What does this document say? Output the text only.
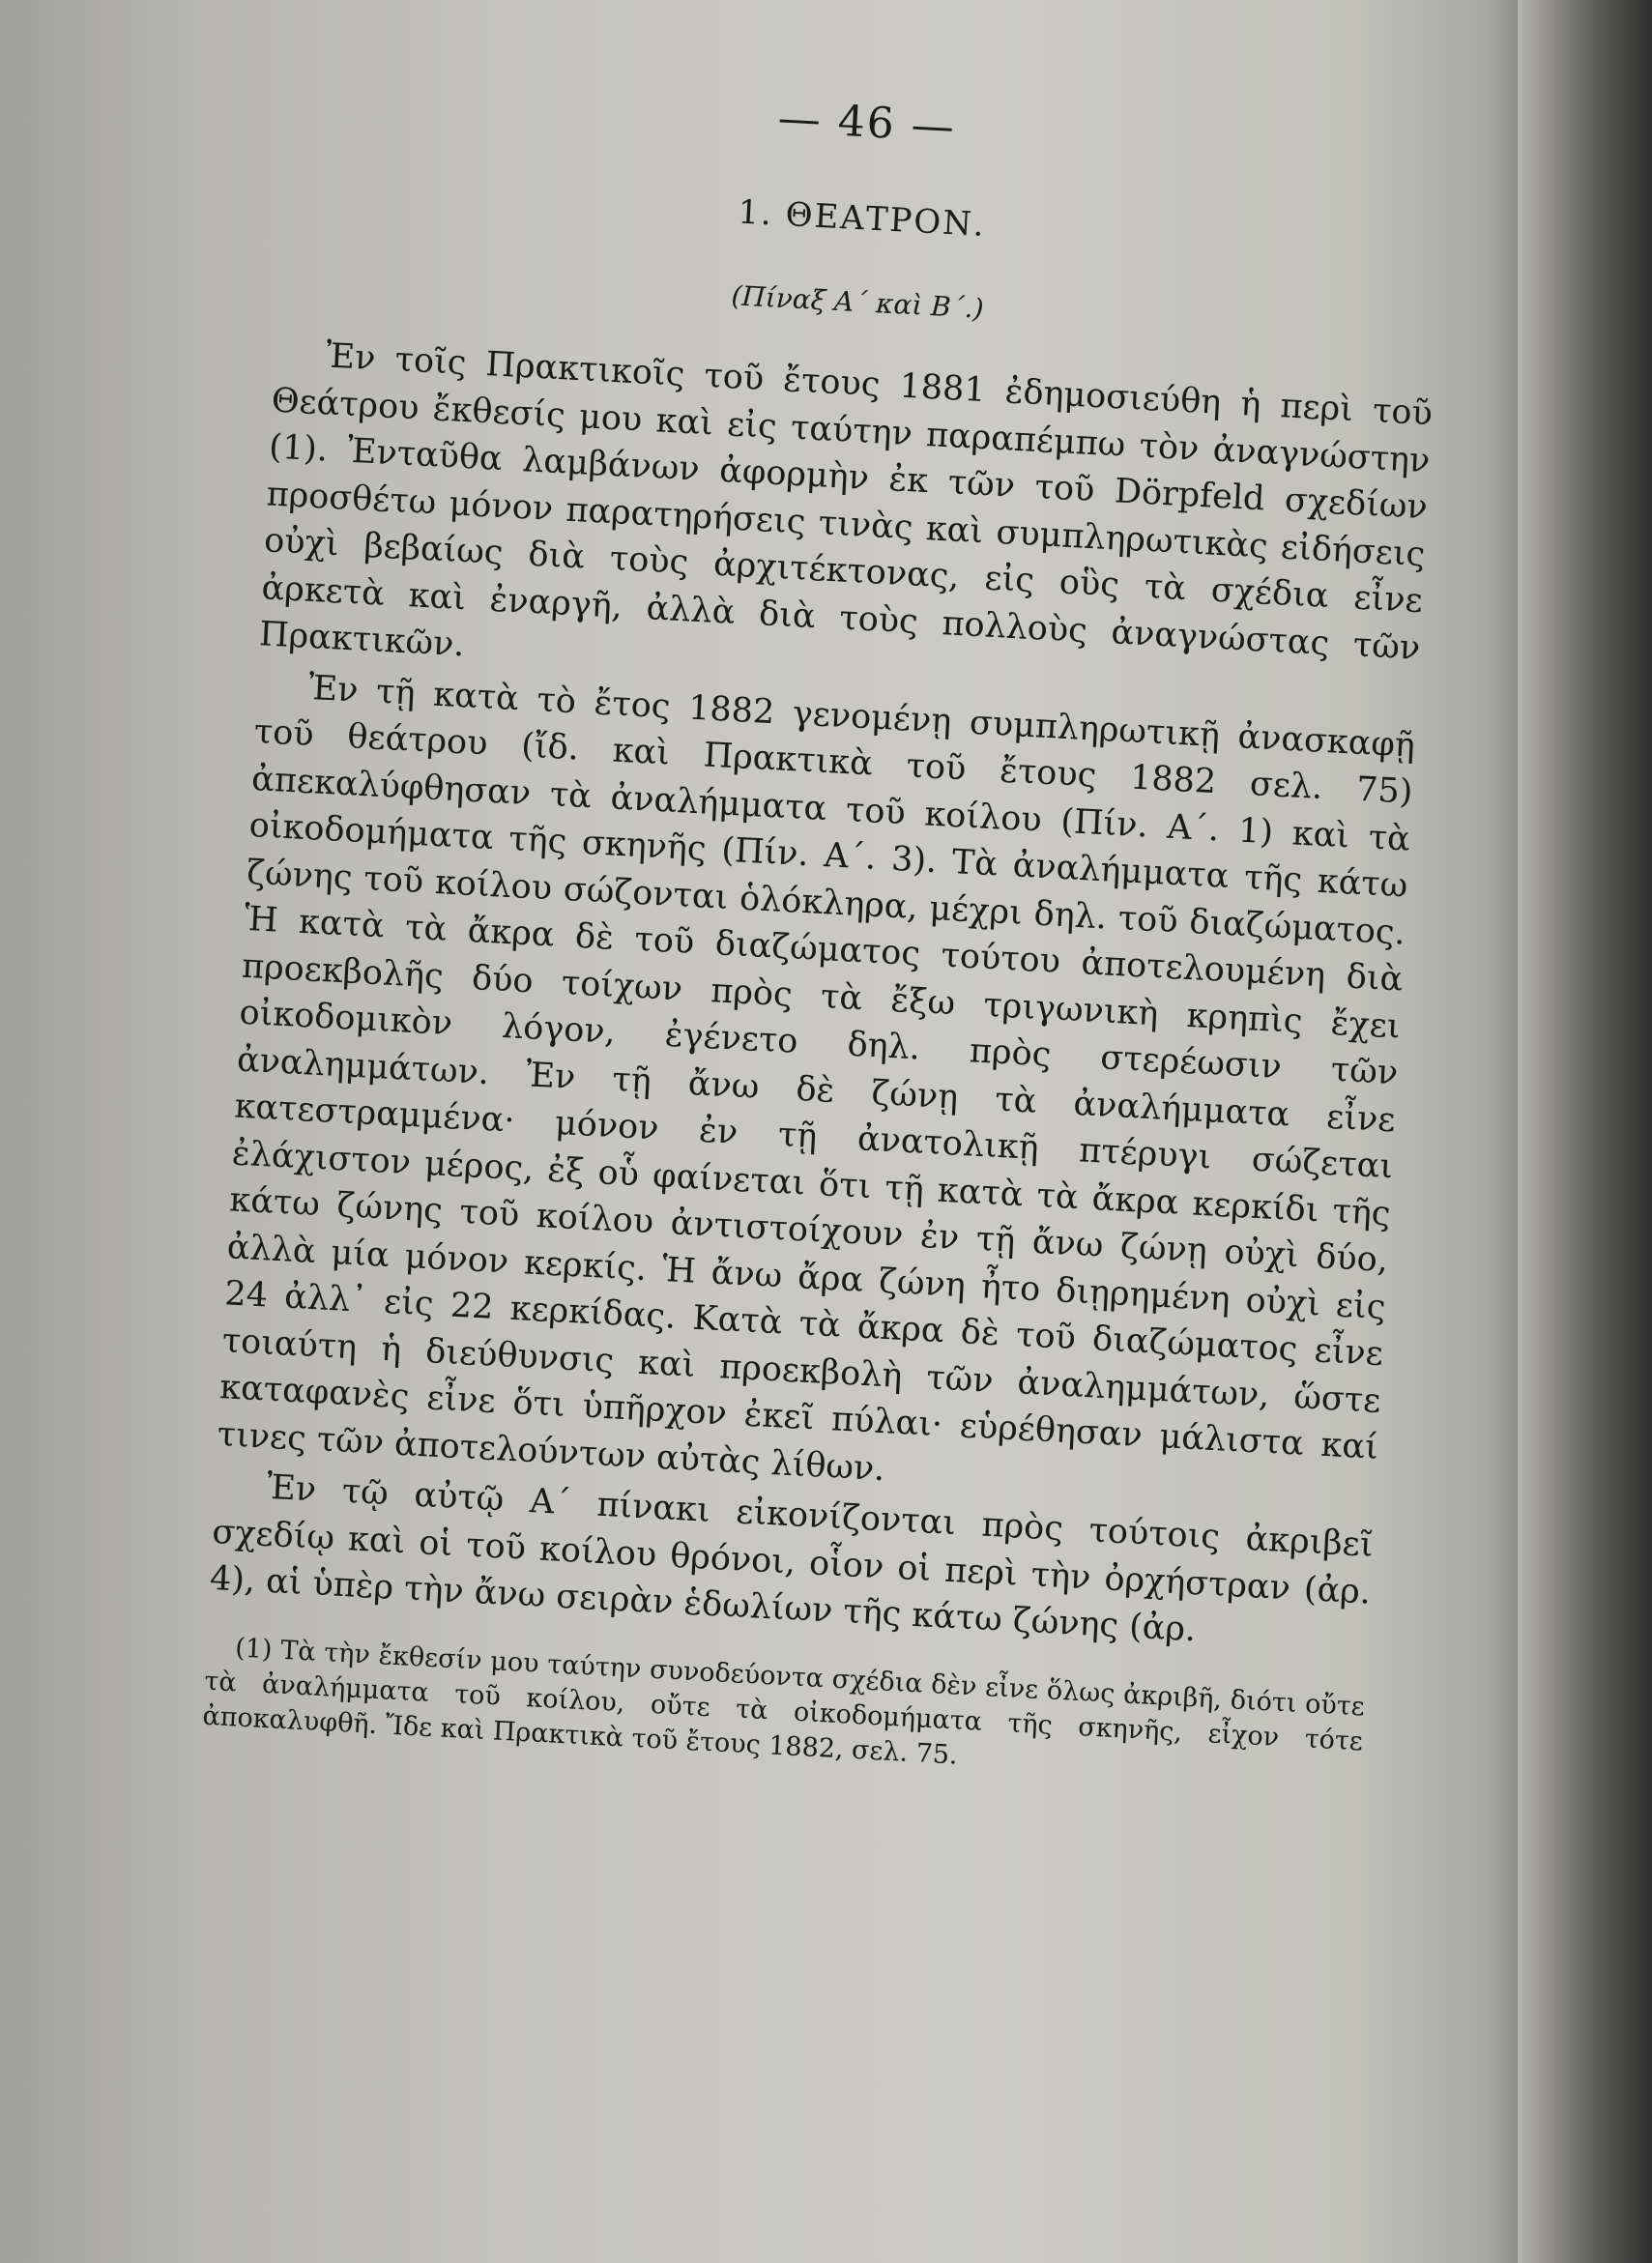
— 46 —
1. ΘΕΑΤΡΟΝ.
(Πίναξ Α΄ καὶ Β΄.)

Ἐν τοῖς Πρακτικοῖς τοῦ ἔτους 1881 ἐδημοσιεύθη ἡ περὶ τοῦ Θεάτρου ἔκθεσίς μου καὶ εἰς ταύτην παραπέμπω τὸν ἀναγνώστην (1). Ἐνταῦθα λαμβάνων ἀφορμὴν ἐκ τῶν τοῦ Dörpfeld σχεδίων προσθέτω μόνον παρατηρήσεις τινὰς καὶ συμπληρωτικὰς εἰδήσεις οὐχὶ βεβαίως διὰ τοὺς ἀρχιτέκτονας, εἰς οὓς τὰ σχέδια εἶνε ἀρκετὰ καὶ ἐναργῆ, ἀλλὰ διὰ τοὺς πολλοὺς ἀναγνώστας τῶν Πρακτικῶν.

Ἐν τῇ κατὰ τὸ ἔτος 1882 γενομένῃ συμπληρωτικῇ ἀνασκαφῇ τοῦ θεάτρου (ἴδ. καὶ Πρακτικὰ τοῦ ἔτους 1882 σελ. 75) ἀπεκαλύφθησαν τὰ ἀναλήμματα τοῦ κοίλου (Πίν. Α΄. 1) καὶ τὰ οἰκοδομήματα τῆς σκηνῆς (Πίν. Α΄. 3). Τὰ ἀναλήμματα τῆς κάτω ζώνης τοῦ κοίλου σώζονται ὁλόκληρα, μέχρι δηλ. τοῦ διαζώματος. Ἡ κατὰ τὰ ἄκρα δὲ τοῦ διαζώματος τούτου ἀποτελουμένη διὰ προεκβολῆς δύο τοίχων πρὸς τὰ ἔξω τριγωνικὴ κρηπὶς ἔχει οἰκοδομικὸν λόγον, ἐγένετο δηλ. πρὸς στερέωσιν τῶν ἀναλημμάτων. Ἐν τῇ ἄνω δὲ ζώνῃ τὰ ἀναλήμματα εἶνε κατεστραμμένα· μόνον ἐν τῇ ἀνατολικῇ πτέρυγι σώζεται ἐλάχιστον μέρος, ἐξ οὗ φαίνεται ὅτι τῇ κατὰ τὰ ἄκρα κερκίδι τῆς κάτω ζώνης τοῦ κοίλου ἀντιστοίχουν ἐν τῇ ἄνω ζώνῃ οὐχὶ δύο, ἀλλὰ μία μόνον κερκίς. Ἡ ἄνω ἄρα ζώνη ἦτο διῃρημένη οὐχὶ εἰς 24 ἀλλ᾿ εἰς 22 κερκίδας. Κατὰ τὰ ἄκρα δὲ τοῦ διαζώματος εἶνε τοιαύτη ἡ διεύθυνσις καὶ προεκβολὴ τῶν ἀναλημμάτων, ὥστε καταφανὲς εἶνε ὅτι ὑπῆρχον ἐκεῖ πύλαι· εὑρέθησαν μάλιστα καί τινες τῶν ἀποτελούντων αὐτὰς λίθων.

Ἐν τῷ αὐτῷ Α΄ πίνακι εἰκονίζονται πρὸς τούτοις ἀκριβεῖ σχεδίῳ καὶ οἱ τοῦ κοίλου θρόνοι, οἷον οἱ περὶ τὴν ὀρχήστραν (ἀρ. 4), αἱ ὑπὲρ τὴν ἄνω σειρὰν ἑδωλίων τῆς κάτω ζώνης (ἀρ.

(1) Τὰ τὴν ἔκθεσίν μου ταύτην συνοδεύοντα σχέδια δὲν εἶνε ὅλως ἀκριβῆ, διότι οὔτε τὰ ἀναλήμματα τοῦ κοίλου, οὔτε τὰ οἰκοδομήματα τῆς σκηνῆς, εἶχον τότε ἀποκαλυφθῆ. Ἴδε καὶ Πρακτικὰ τοῦ ἔτους 1882, σελ. 75.
